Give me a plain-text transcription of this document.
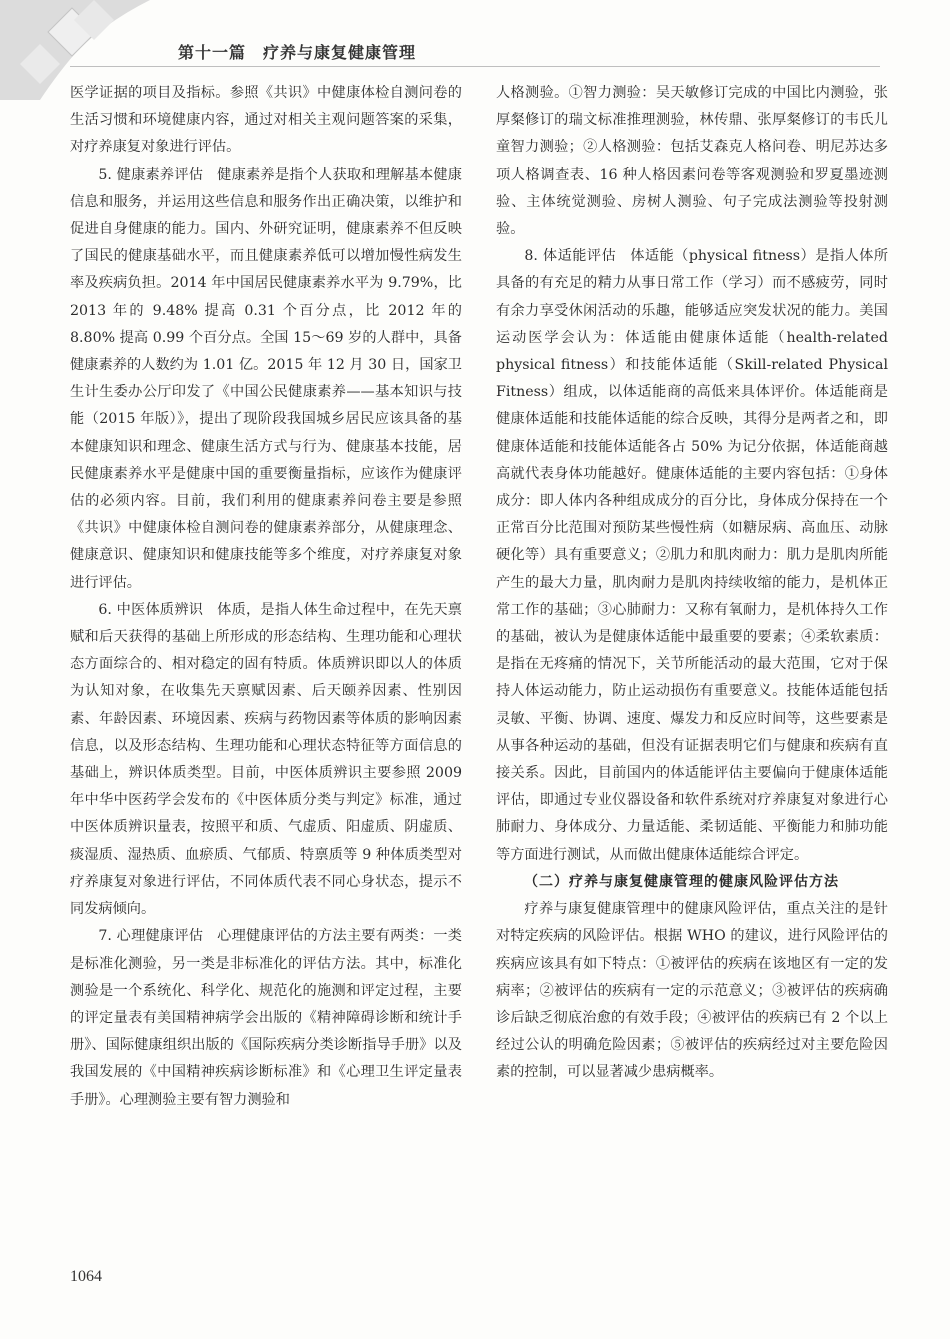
第十一篇　疗养与康复健康管理

医学证据的项目及指标。参照《共识》中健康体检自测问卷的生活习惯和环境健康内容，通过对相关主观问题答案的采集，对疗养康复对象进行评估。

5. 健康素养评估 健康素养是指个人获取和理解基本健康信息和服务，并运用这些信息和服务作出正确决策，以维护和促进自身健康的能力。国内、外研究证明，健康素养不但反映了国民的健康基础水平，而且健康素养低可以增加慢性病发生率及疾病负担。2014 年中国居民健康素养水平为 9.79%，比 2013 年的 9.48% 提高 0.31 个百分点，比 2012 年的 8.80% 提高 0.99 个百分点。全国 15～69 岁的人群中，具备健康素养的人数约为 1.01 亿。2015 年 12 月 30 日，国家卫生计生委办公厅印发了《中国公民健康素养——基本知识与技能（2015 年版）》，提出了现阶段我国城乡居民应该具备的基本健康知识和理念、健康生活方式与行为、健康基本技能，居民健康素养水平是健康中国的重要衡量指标，应该作为健康评估的必须内容。目前，我们利用的健康素养问卷主要是参照《共识》中健康体检自测问卷的健康素养部分，从健康理念、健康意识、健康知识和健康技能等多个维度，对疗养康复对象进行评估。

6. 中医体质辨识 体质，是指人体生命过程中，在先天禀赋和后天获得的基础上所形成的形态结构、生理功能和心理状态方面综合的、相对稳定的固有特质。体质辨识即以人的体质为认知对象，在收集先天禀赋因素、后天颐养因素、性别因素、年龄因素、环境因素、疾病与药物因素等体质的影响因素信息，以及形态结构、生理功能和心理状态特征等方面信息的基础上，辨识体质类型。目前，中医体质辨识主要参照 2009 年中华中医药学会发布的《中医体质分类与判定》标准，通过中医体质辨识量表，按照平和质、气虚质、阳虚质、阴虚质、痰湿质、湿热质、血瘀质、气郁质、特禀质等 9 种体质类型对疗养康复对象进行评估，不同体质代表不同心身状态，提示不同发病倾向。

7. 心理健康评估 心理健康评估的方法主要有两类：一类是标准化测验，另一类是非标准化的评估方法。其中，标准化测验是一个系统化、科学化、规范化的施测和评定过程，主要的评定量表有美国精神病学会出版的《精神障碍诊断和统计手册》、国际健康组织出版的《国际疾病分类诊断指导手册》以及我国发展的《中国精神疾病诊断标准》和《心理卫生评定量表手册》。心理测验主要有智力测验和

人格测验。①智力测验：吴天敏修订完成的中国比内测验，张厚粲修订的瑞文标准推理测验，林传鼎、张厚粲修订的韦氏儿童智力测验；②人格测验：包括艾森克人格问卷、明尼苏达多项人格调查表、16 种人格因素问卷等客观测验和罗夏墨迹测验、主体统觉测验、房树人测验、句子完成法测验等投射测验。

8. 体适能评估 体适能（physical fitness）是指人体所具备的有充足的精力从事日常工作（学习）而不感疲劳，同时有余力享受休闲活动的乐趣，能够适应突发状况的能力。美国运动医学会认为：体适能由健康体适能（health-related physical fitness）和技能体适能（Skill-related Physical Fitness）组成，以体适能商的高低来具体评价。体适能商是健康体适能和技能体适能的综合反映，其得分是两者之和，即健康体适能和技能体适能各占 50% 为记分依据，体适能商越高就代表身体功能越好。健康体适能的主要内容包括：①身体成分：即人体内各种组成成分的百分比，身体成分保持在一个正常百分比范围对预防某些慢性病（如糖尿病、高血压、动脉硬化等）具有重要意义；②肌力和肌肉耐力：肌力是肌肉所能产生的最大力量，肌肉耐力是肌肉持续收缩的能力，是机体正常工作的基础；③心肺耐力：又称有氧耐力，是机体持久工作的基础，被认为是健康体适能中最重要的要素；④柔软素质：是指在无疼痛的情况下，关节所能活动的最大范围，它对于保持人体运动能力，防止运动损伤有重要意义。技能体适能包括灵敏、平衡、协调、速度、爆发力和反应时间等，这些要素是从事各种运动的基础，但没有证据表明它们与健康和疾病有直接关系。因此，目前国内的体适能评估主要偏向于健康体适能评估，即通过专业仪器设备和软件系统对疗养康复对象进行心肺耐力、身体成分、力量适能、柔韧适能、平衡能力和肺功能等方面进行测试，从而做出健康体适能综合评定。

（二）疗养与康复健康管理的健康风险评估方法

疗养与康复健康管理中的健康风险评估，重点关注的是针对特定疾病的风险评估。根据 WHO 的建议，进行风险评估的疾病应该具有如下特点：①被评估的疾病在该地区有一定的发病率；②被评估的疾病有一定的示范意义；③被评估的疾病确诊后缺乏彻底治愈的有效手段；④被评估的疾病已有 2 个以上经过公认的明确危险因素；⑤被评估的疾病经过对主要危险因素的控制，可以显著减少患病概率。

1064
